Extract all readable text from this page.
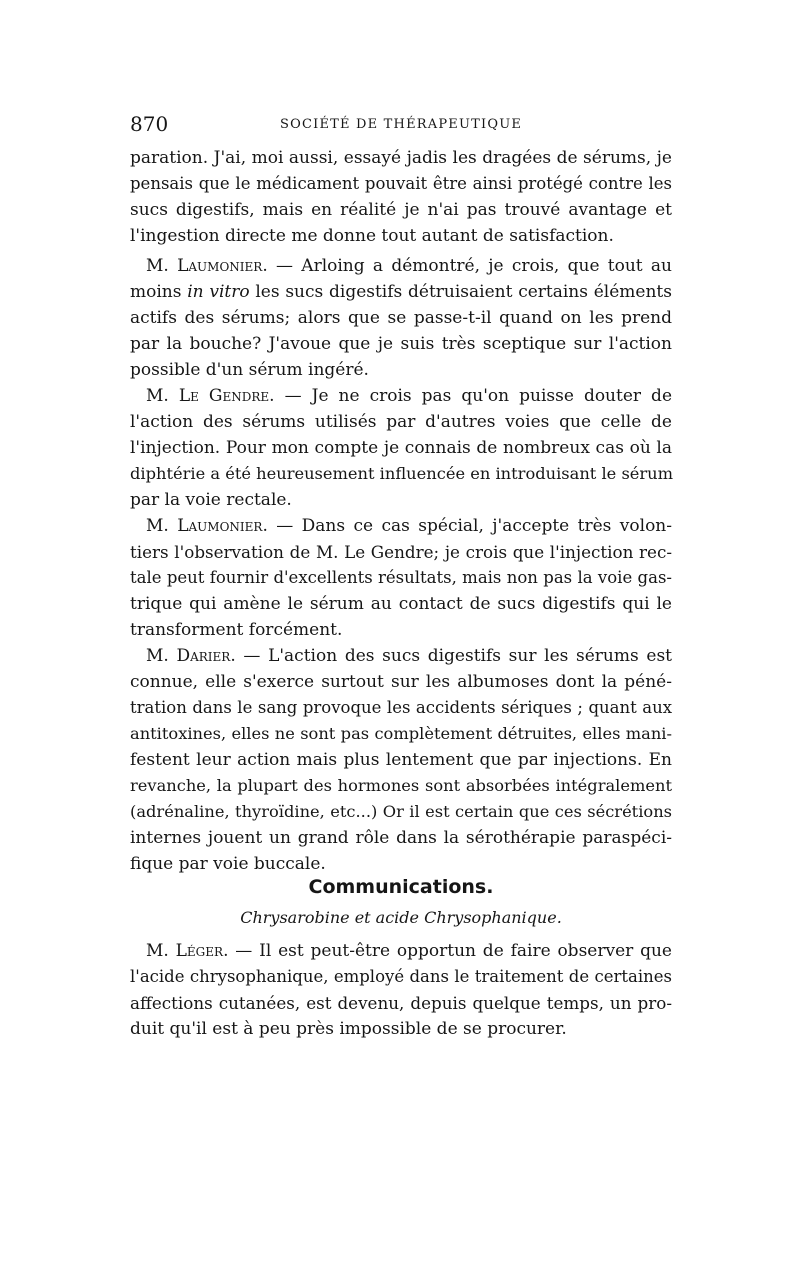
870	SOCIÉTÉ DE THÉRAPEUTIQUE
paration. J'ai, moi aussi, essayé jadis les dragées de sérums, je
pensais que le médicament pouvait être ainsi protégé contre les
sucs digestifs, mais en réalité je n'ai pas trouvé avantage et
l'ingestion directe me donne tout autant de satisfaction.
M. Laumonier. — Arloing a démontré, je crois, que tout au
moins in vitro les sucs digestifs détruisaient certains éléments
actifs des sérums; alors que se passe-t-il quand on les prend
par la bouche? J'avoue que je suis très sceptique sur l'action
possible d'un sérum ingéré.
M. Le Gendre. — Je ne crois pas qu'on puisse douter de
l'action des sérums utilisés par d'autres voies que celle de
l'injection. Pour mon compte je connais de nombreux cas où la
diphtérie a été heureusement influencée en introduisant le sérum
par la voie rectale.
M. Laumonier. — Dans ce cas spécial, j'accepte très volon-
tiers l'observation de M. Le Gendre; je crois que l'injection rec-
tale peut fournir d'excellents résultats, mais non pas la voie gas-
trique qui amène le sérum au contact de sucs digestifs qui le
transforment forcément.
M. Darier. — L'action des sucs digestifs sur les sérums est
connue, elle s'exerce surtout sur les albumoses dont la péné-
tration dans le sang provoque les accidents sériques ; quant aux
antitoxines, elles ne sont pas complètement détruites, elles mani-
festent leur action mais plus lentement que par injections. En
revanche, la plupart des hormones sont absorbées intégralement
(adrénaline, thyroïdine, etc...) Or il est certain que ces sécrétions
internes jouent un grand rôle dans la sérothérapie paraspéci-
fique par voie buccale.
Communications.
Chrysarobine et acide Chrysophanique.
M. Léger. — Il est peut-être opportun de faire observer que
l'acide chrysophanique, employé dans le traitement de certaines
affections cutanées, est devenu, depuis quelque temps, un pro-
duit qu'il est à peu près impossible de se procurer.
